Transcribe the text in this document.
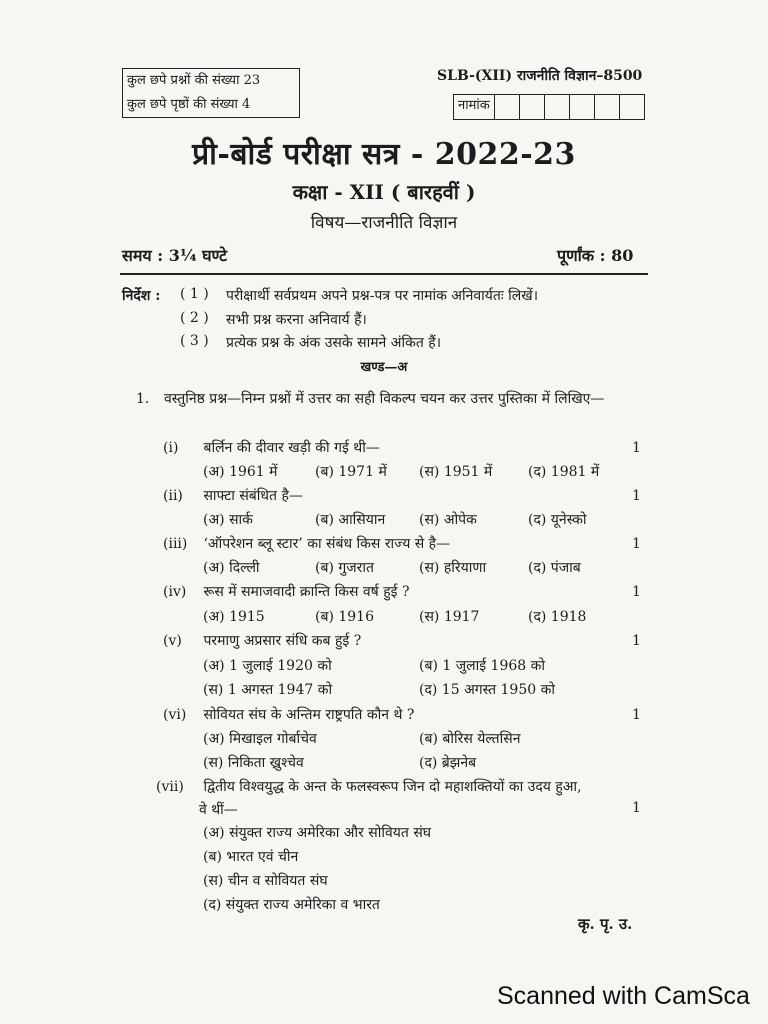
कुल छपे प्रश्नों की संख्या 23
कुल छपे पृष्ठों की संख्या 4
SLB-(XII) राजनीति विज्ञान–8500
नामांक
प्री-बोर्ड परीक्षा सत्र - 2022-23
कक्षा - XII ( बारहवीं )
विषय—राजनीति विज्ञान
समय : 3¼ घण्टे	पूर्णांक : 80
निर्देश : ( 1 ) परीक्षार्थी सर्वप्रथम अपने प्रश्न-पत्र पर नामांक अनिवार्यतः लिखें।
( 2 ) सभी प्रश्न करना अनिवार्य हैं।
( 3 ) प्रत्येक प्रश्न के अंक उसके सामने अंकित हैं।
खण्ड—अ
1. वस्तुनिष्ठ प्रश्न—निम्न प्रश्नों में उत्तर का सही विकल्प चयन कर उत्तर पुस्तिका में लिखिए—
(i) बर्लिन की दीवार खड़ी की गई थी—	1
(अ) 1961 में	(ब) 1971 में (स) 1951 में	(द) 1981 में
(ii) साफ्टा संबंधित है—	1
(अ) सार्क	(ब) आसियान (स) ओपेक	(द) यूनेस्को
(iii) ‘ऑपरेशन ब्लू स्टार’ का संबंध किस राज्य से है—	1
(अ) दिल्ली	(ब) गुजरात	(स) हरियाणा	(द) पंजाब
(iv) रूस में समाजवादी क्रान्ति किस वर्ष हुई ?	1
(अ) 1915	(ब) 1916	(स) 1917	(द) 1918
(v) परमाणु अप्रसार संधि कब हुई ?	1
(अ) 1 जुलाई 1920 को	(ब) 1 जुलाई 1968 को
(स) 1 अगस्त 1947 को	(द) 15 अगस्त 1950 को
(vi) सोवियत संघ के अन्तिम राष्ट्रपति कौन थे ?	1
(अ) मिखाइल गोर्बाचेव	(ब) बोरिस येल्तसिन
(स) निकिता ख्रुश्चेव	(द) ब्रेझनेब
(vii) द्वितीय विश्वयुद्ध के अन्त के फलस्वरूप जिन दो महाशक्तियों का उदय हुआ,
वे थीं—	1
(अ) संयुक्त राज्य अमेरिका और सोवियत संघ
(ब) भारत एवं चीन
(स) चीन व सोवियत संघ
(द) संयुक्त राज्य अमेरिका व भारत
कृ. पृ. उ.
Scanned with CamSca
